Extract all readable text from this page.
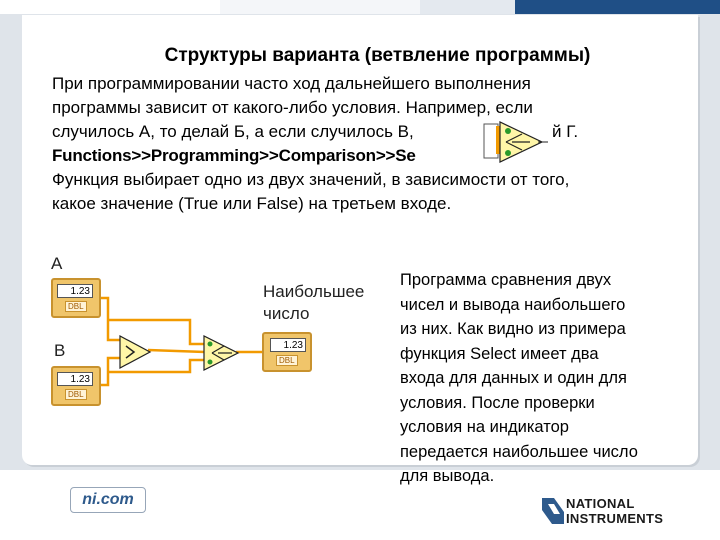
Структуры варианта (ветвление программы)
При программировании часто ход дальнейшего выполнения
программы зависит от какого-либо условия. Например, если
случилось А, то делай Б, а если случилось В,	й Г.
Functions>>Programming>>Comparison>>Se
Функция выбирает одно из двух значений, в зависимости от того,
какое значение (True или False) на третьем входе.
А
В
Наибольшее
число
1.23
DBL
1.23
DBL
1.23
DBL
Программа сравнения двух
чисел и вывода наибольшего
из них. Как видно из примера
функция Select имеет два
входа для данных и один для
условия. После проверки
условия на индикатор
передается наибольшее число
для вывода.
ni.com	NATIONAL
INSTRUMENTS
